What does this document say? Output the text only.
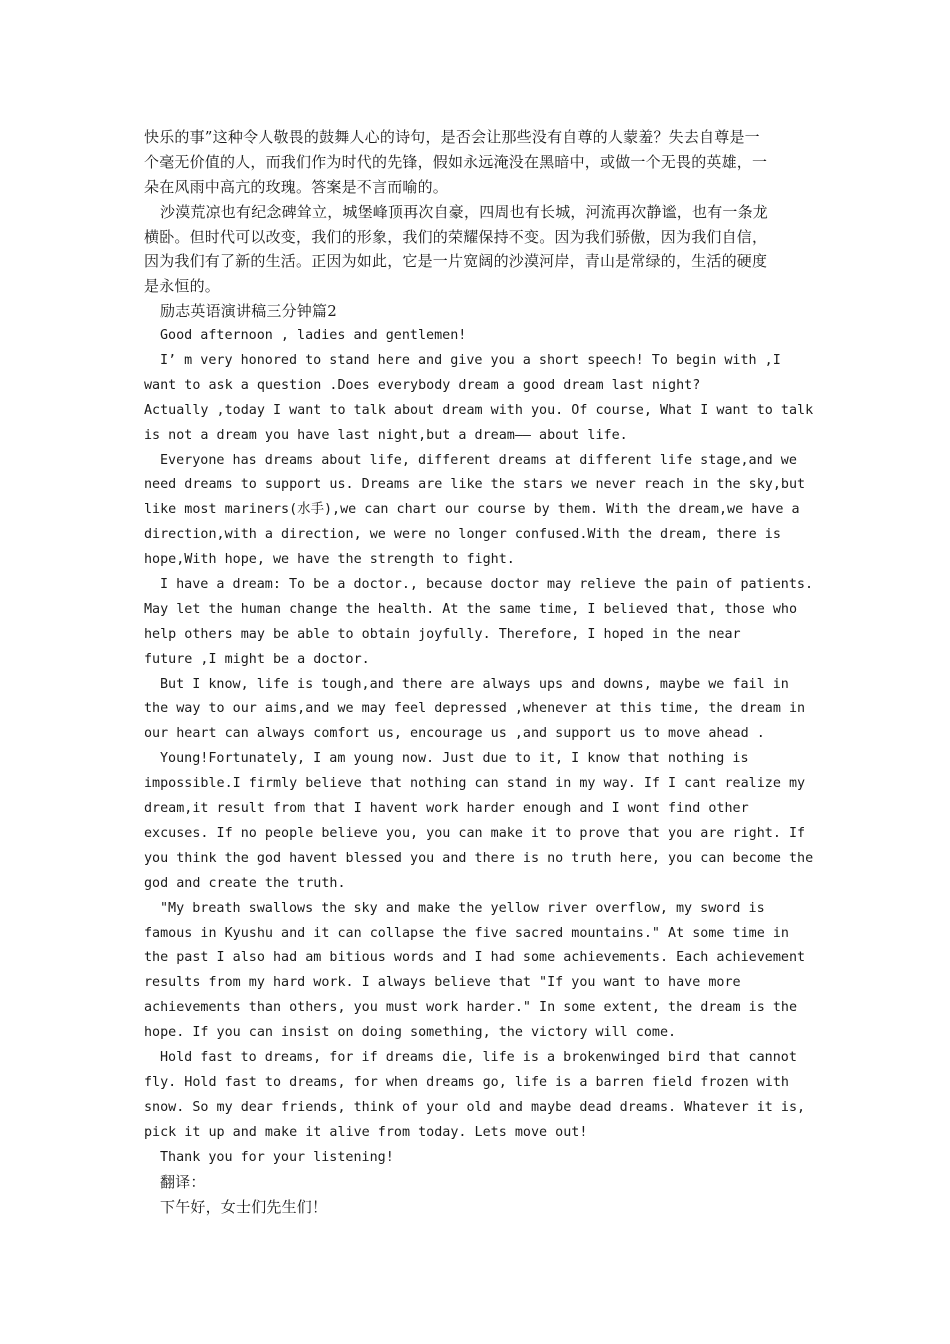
快乐的事”这种令人敬畏的鼓舞人心的诗句，是否会让那些没有自尊的人蒙羞？失去自尊是一
个毫无价值的人，而我们作为时代的先锋，假如永远淹没在黑暗中，或做一个无畏的英雄，一
朵在风雨中高亢的玫瑰。答案是不言而喻的。
沙漠荒凉也有纪念碑耸立，城堡峰顶再次自豪，四周也有长城，河流再次静谧，也有一条龙
横卧。但时代可以改变，我们的形象，我们的荣耀保持不变。因为我们骄傲，因为我们自信，
因为我们有了新的生活。正因为如此，它是一片宽阔的沙漠河岸，青山是常绿的，生活的硬度
是永恒的。
励志英语演讲稿三分钟篇2
Good afternoon , ladies and gentlemen!
I’ m very honored to stand here and give you a short speech! To begin with ,I
want to ask a question .Does everybody dream a good dream last night?
Actually ,today I want to talk about dream with you. Of course, What I want to talk
is not a dream you have last night,but a dream—— about life.
Everyone has dreams about life, different dreams at different life stage,and we
need dreams to support us. Dreams are like the stars we never reach in the sky,but
like most mariners(水手),we can chart our course by them. With the dream,we have a
direction,with a direction, we were no longer confused.With the dream, there is
hope,With hope, we have the strength to fight.
I have a dream: To be a doctor., because doctor may relieve the pain of patients.
May let the human change the health. At the same time, I believed that, those who
help others may be able to obtain joyfully. Therefore, I hoped in the near
future ,I might be a doctor.
But I know, life is tough,and there are always ups and downs, maybe we fail in
the way to our aims,and we may feel depressed ,whenever at this time, the dream in
our heart can always comfort us, encourage us ,and support us to move ahead .
Young!Fortunately, I am young now. Just due to it, I know that nothing is
impossible.I firmly believe that nothing can stand in my way. If I cant realize my
dream,it result from that I havent work harder enough and I wont find other
excuses. If no people believe you, you can make it to prove that you are right. If
you think the god havent blessed you and there is no truth here, you can become the
god and create the truth.
"My breath swallows the sky and make the yellow river overflow, my sword is
famous in Kyushu and it can collapse the five sacred mountains." At some time in
the past I also had am bitious words and I had some achievements. Each achievement
results from my hard work. I always believe that "If you want to have more
achievements than others, you must work harder." In some extent, the dream is the
hope. If you can insist on doing something, the victory will come.
Hold fast to dreams, for if dreams die, life is a brokenwinged bird that cannot
fly. Hold fast to dreams, for when dreams go, life is a barren field frozen with
snow. So my dear friends, think of your old and maybe dead dreams. Whatever it is,
pick it up and make it alive from today. Lets move out!
Thank you for your listening!
翻译：
下午好，女士们先生们！
